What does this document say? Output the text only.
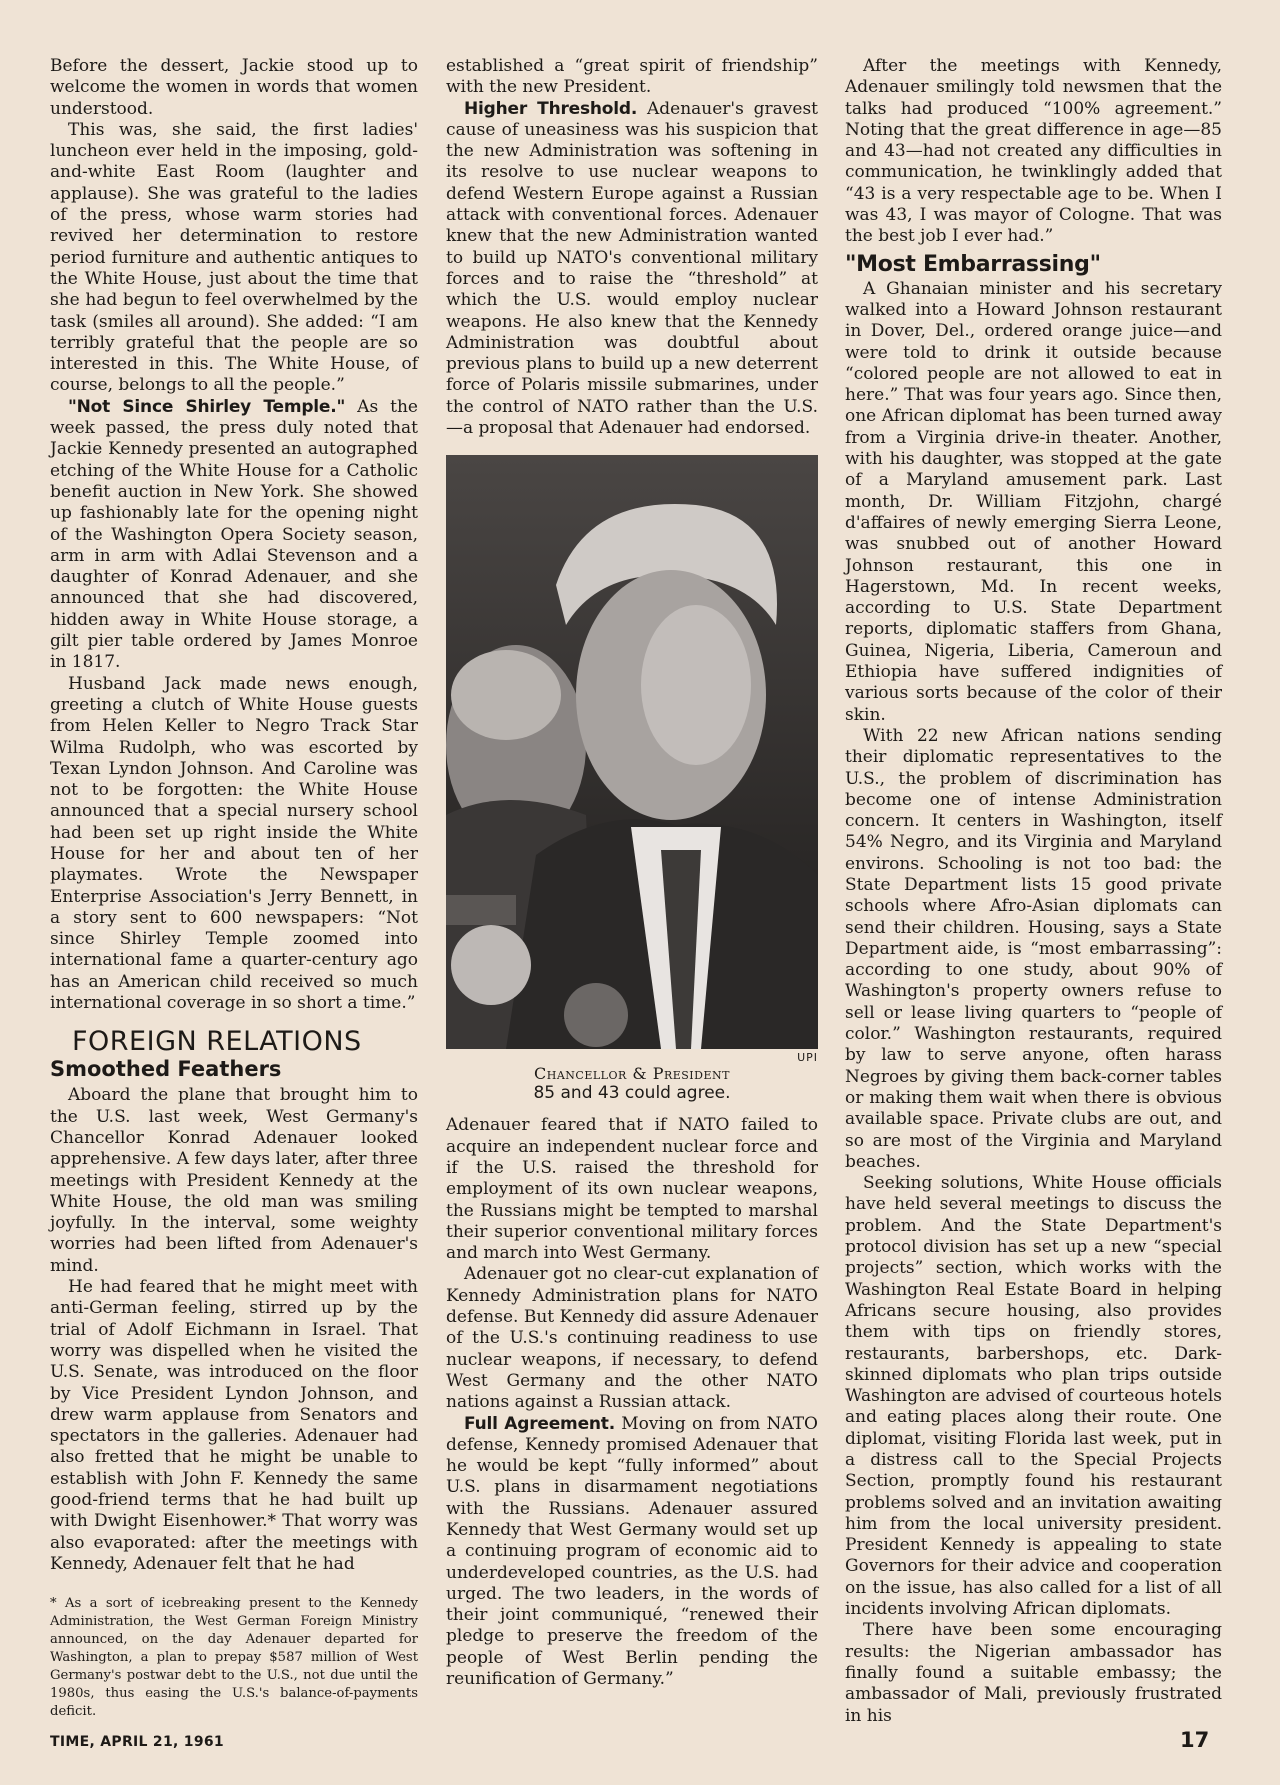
Before the dessert, Jackie stood up to welcome the women in words that women understood.

This was, she said, the first ladies' luncheon ever held in the imposing, gold-and-white East Room (laughter and applause). She was grateful to the ladies of the press, whose warm stories had revived her determination to restore period furniture and authentic antiques to the White House, just about the time that she had begun to feel overwhelmed by the task (smiles all around). She added: “I am terribly grateful that the people are so interested in this. The White House, of course, belongs to all the people.”

"Not Since Shirley Temple." As the week passed, the press duly noted that Jackie Kennedy presented an autographed etching of the White House for a Catholic benefit auction in New York. She showed up fashionably late for the opening night of the Washington Opera Society season, arm in arm with Adlai Stevenson and a daughter of Konrad Adenauer, and she announced that she had discovered, hidden away in White House storage, a gilt pier table ordered by James Monroe in 1817.

Husband Jack made news enough, greeting a clutch of White House guests from Helen Keller to Negro Track Star Wilma Rudolph, who was escorted by Texan Lyndon Johnson. And Caroline was not to be forgotten: the White House announced that a special nursery school had been set up right inside the White House for her and about ten of her playmates. Wrote the Newspaper Enterprise Association's Jerry Bennett, in a story sent to 600 newspapers: “Not since Shirley Temple zoomed into international fame a quarter-century ago has an American child received so much international coverage in so short a time.”

FOREIGN RELATIONS
Smoothed Feathers

Aboard the plane that brought him to the U.S. last week, West Germany's Chancellor Konrad Adenauer looked apprehensive. A few days later, after three meetings with President Kennedy at the White House, the old man was smiling joyfully. In the interval, some weighty worries had been lifted from Adenauer's mind.

He had feared that he might meet with anti-German feeling, stirred up by the trial of Adolf Eichmann in Israel. That worry was dispelled when he visited the U.S. Senate, was introduced on the floor by Vice President Lyndon Johnson, and drew warm applause from Senators and spectators in the galleries. Adenauer had also fretted that he might be unable to establish with John F. Kennedy the same good-friend terms that he had built up with Dwight Eisenhower.* That worry was also evaporated: after the meetings with Kennedy, Adenauer felt that he had

* As a sort of icebreaking present to the Kennedy Administration, the West German Foreign Ministry announced, on the day Adenauer departed for Washington, a plan to prepay $587 million of West Germany's postwar debt to the U.S., not due until the 1980s, thus easing the U.S.'s balance-of-payments deficit.

established a “great spirit of friendship” with the new President.

Higher Threshold. Adenauer's gravest cause of uneasiness was his suspicion that the new Administration was softening in its resolve to use nuclear weapons to defend Western Europe against a Russian attack with conventional forces. Adenauer knew that the new Administration wanted to build up NATO's conventional military forces and to raise the “threshold” at which the U.S. would employ nuclear weapons. He also knew that the Kennedy Administration was doubtful about previous plans to build up a new deterrent force of Polaris missile submarines, under the control of NATO rather than the U.S. —a proposal that Adenauer had endorsed.

UPI
Chancellor & President
85 and 43 could agree.

Adenauer feared that if NATO failed to acquire an independent nuclear force and if the U.S. raised the threshold for employment of its own nuclear weapons, the Russians might be tempted to marshal their superior conventional military forces and march into West Germany.

Adenauer got no clear-cut explanation of Kennedy Administration plans for NATO defense. But Kennedy did assure Adenauer of the U.S.'s continuing readiness to use nuclear weapons, if necessary, to defend West Germany and the other NATO nations against a Russian attack.

Full Agreement. Moving on from NATO defense, Kennedy promised Adenauer that he would be kept “fully informed” about U.S. plans in disarmament negotiations with the Russians. Adenauer assured Kennedy that West Germany would set up a continuing program of economic aid to underdeveloped countries, as the U.S. had urged. The two leaders, in the words of their joint communiqué, “renewed their pledge to preserve the freedom of the people of West Berlin pending the reunification of Germany.”

After the meetings with Kennedy, Adenauer smilingly told newsmen that the talks had produced “100% agreement.” Noting that the great difference in age—85 and 43—had not created any difficulties in communication, he twinklingly added that “43 is a very respectable age to be. When I was 43, I was mayor of Cologne. That was the best job I ever had.”

"Most Embarrassing"

A Ghanaian minister and his secretary walked into a Howard Johnson restaurant in Dover, Del., ordered orange juice—and were told to drink it outside because “colored people are not allowed to eat in here.” That was four years ago. Since then, one African diplomat has been turned away from a Virginia drive-in theater. Another, with his daughter, was stopped at the gate of a Maryland amusement park. Last month, Dr. William Fitzjohn, chargé d'affaires of newly emerging Sierra Leone, was snubbed out of another Howard Johnson restaurant, this one in Hagerstown, Md. In recent weeks, according to U.S. State Department reports, diplomatic staffers from Ghana, Guinea, Nigeria, Liberia, Cameroun and Ethiopia have suffered indignities of various sorts because of the color of their skin.

With 22 new African nations sending their diplomatic representatives to the U.S., the problem of discrimination has become one of intense Administration concern. It centers in Washington, itself 54% Negro, and its Virginia and Maryland environs. Schooling is not too bad: the State Department lists 15 good private schools where Afro-Asian diplomats can send their children. Housing, says a State Department aide, is “most embarrassing”: according to one study, about 90% of Washington's property owners refuse to sell or lease living quarters to “people of color.” Washington restaurants, required by law to serve anyone, often harass Negroes by giving them back-corner tables or making them wait when there is obvious available space. Private clubs are out, and so are most of the Virginia and Maryland beaches.

Seeking solutions, White House officials have held several meetings to discuss the problem. And the State Department's protocol division has set up a new “special projects” section, which works with the Washington Real Estate Board in helping Africans secure housing, also provides them with tips on friendly stores, restaurants, barbershops, etc. Dark-skinned diplomats who plan trips outside Washington are advised of courteous hotels and eating places along their route. One diplomat, visiting Florida last week, put in a distress call to the Special Projects Section, promptly found his restaurant problems solved and an invitation awaiting him from the local university president. President Kennedy is appealing to state Governors for their advice and cooperation on the issue, has also called for a list of all incidents involving African diplomats.

There have been some encouraging results: the Nigerian ambassador has finally found a suitable embassy; the ambassador of Mali, previously frustrated in his

TIME, APRIL 21, 1961	17
